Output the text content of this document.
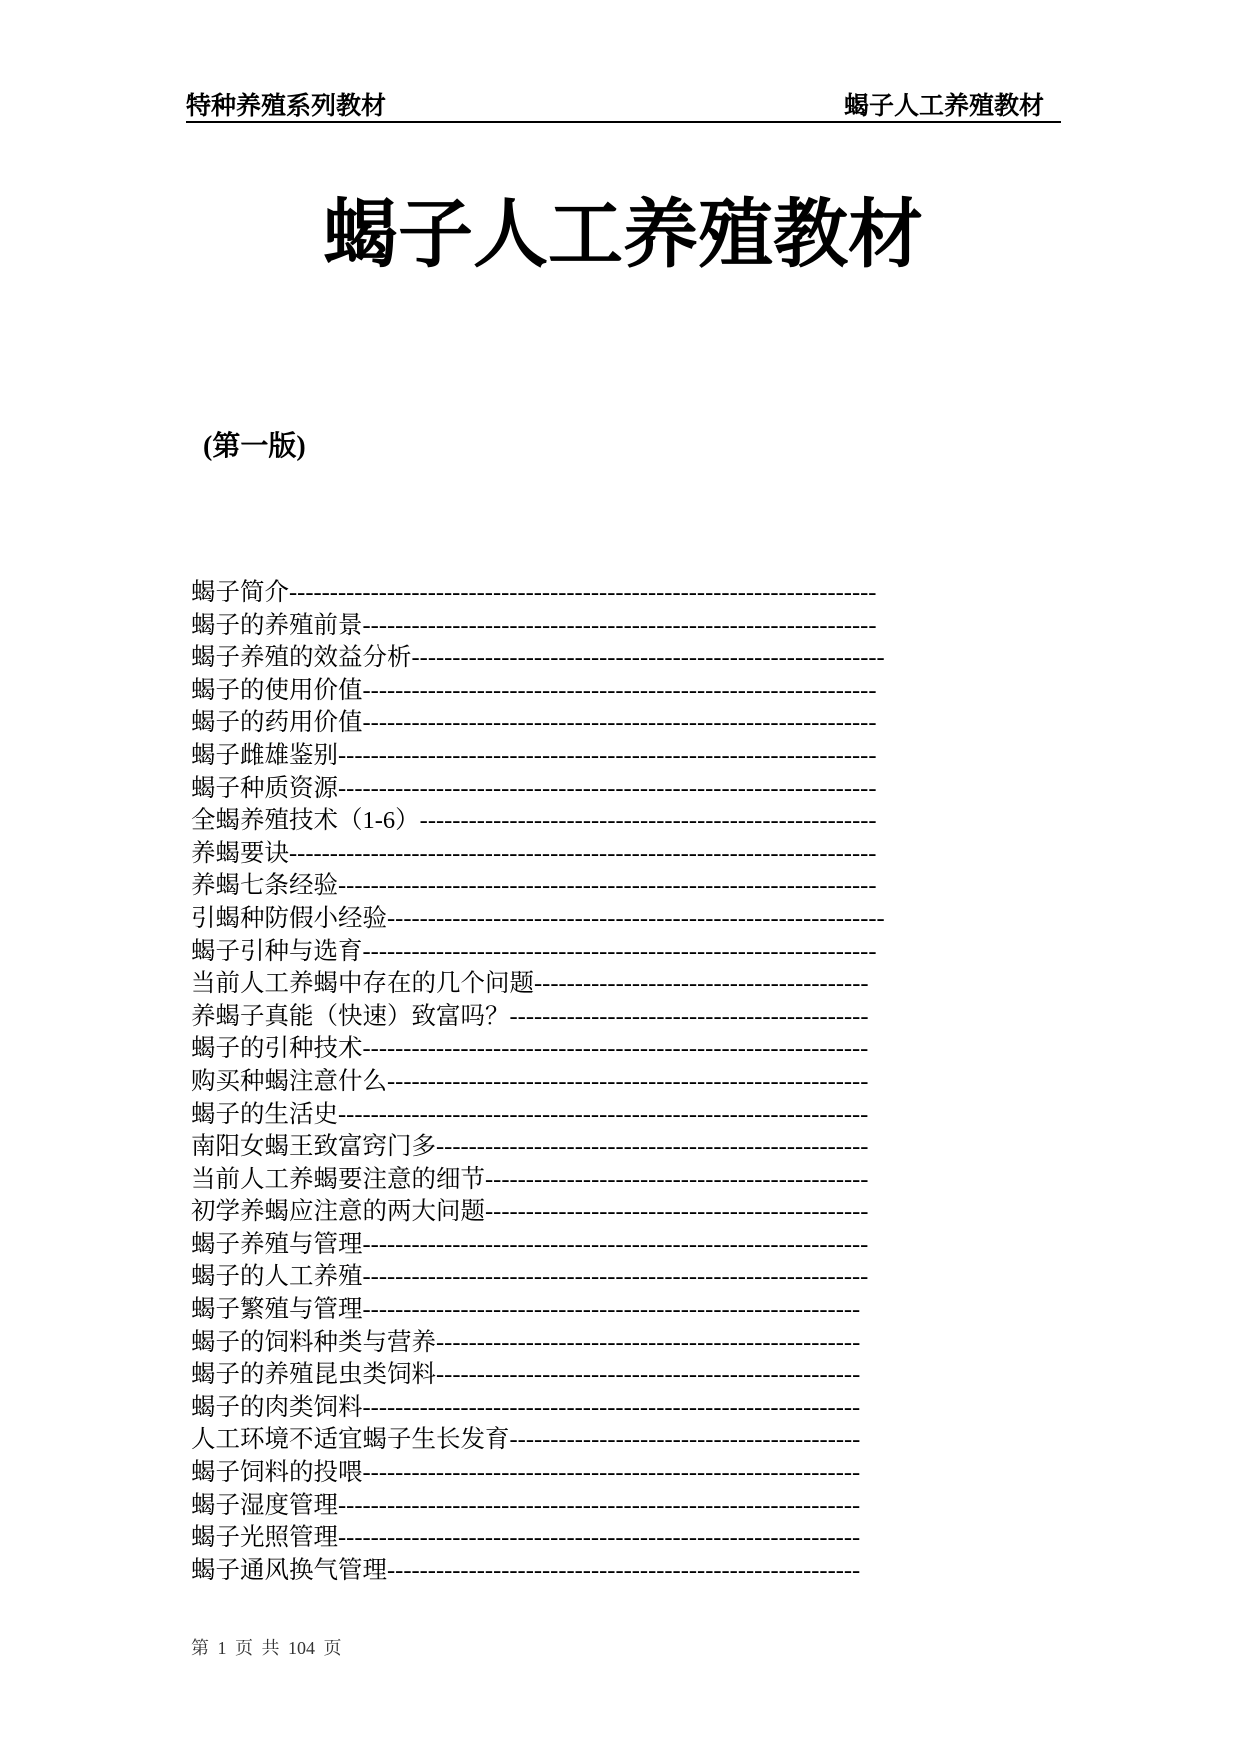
特种养殖系列教材	蝎子人工养殖教材
蝎子人工养殖教材
(第一版)
蝎子简介------------------------------------------------------------------------
蝎子的养殖前景---------------------------------------------------------------
蝎子养殖的效益分析----------------------------------------------------------
蝎子的使用价值---------------------------------------------------------------
蝎子的药用价值---------------------------------------------------------------
蝎子雌雄鉴别------------------------------------------------------------------
蝎子种质资源------------------------------------------------------------------
全蝎养殖技术（1-6）--------------------------------------------------------
养蝎要诀------------------------------------------------------------------------
养蝎七条经验------------------------------------------------------------------
引蝎种防假小经验-------------------------------------------------------------
蝎子引种与选育---------------------------------------------------------------
当前人工养蝎中存在的几个问题-----------------------------------------
养蝎子真能（快速）致富吗？--------------------------------------------
蝎子的引种技术--------------------------------------------------------------
购买种蝎注意什么-----------------------------------------------------------
蝎子的生活史-----------------------------------------------------------------
南阳女蝎王致富窍门多-----------------------------------------------------
当前人工养蝎要注意的细节-----------------------------------------------
初学养蝎应注意的两大问题-----------------------------------------------
蝎子养殖与管理--------------------------------------------------------------
蝎子的人工养殖--------------------------------------------------------------
蝎子繁殖与管理-------------------------------------------------------------
蝎子的饲料种类与营养----------------------------------------------------
蝎子的养殖昆虫类饲料----------------------------------------------------
蝎子的肉类饲料-------------------------------------------------------------
人工环境不适宜蝎子生长发育-------------------------------------------
蝎子饲料的投喂-------------------------------------------------------------
蝎子湿度管理----------------------------------------------------------------
蝎子光照管理----------------------------------------------------------------
蝎子通风换气管理----------------------------------------------------------
第 1 页 共 104 页
